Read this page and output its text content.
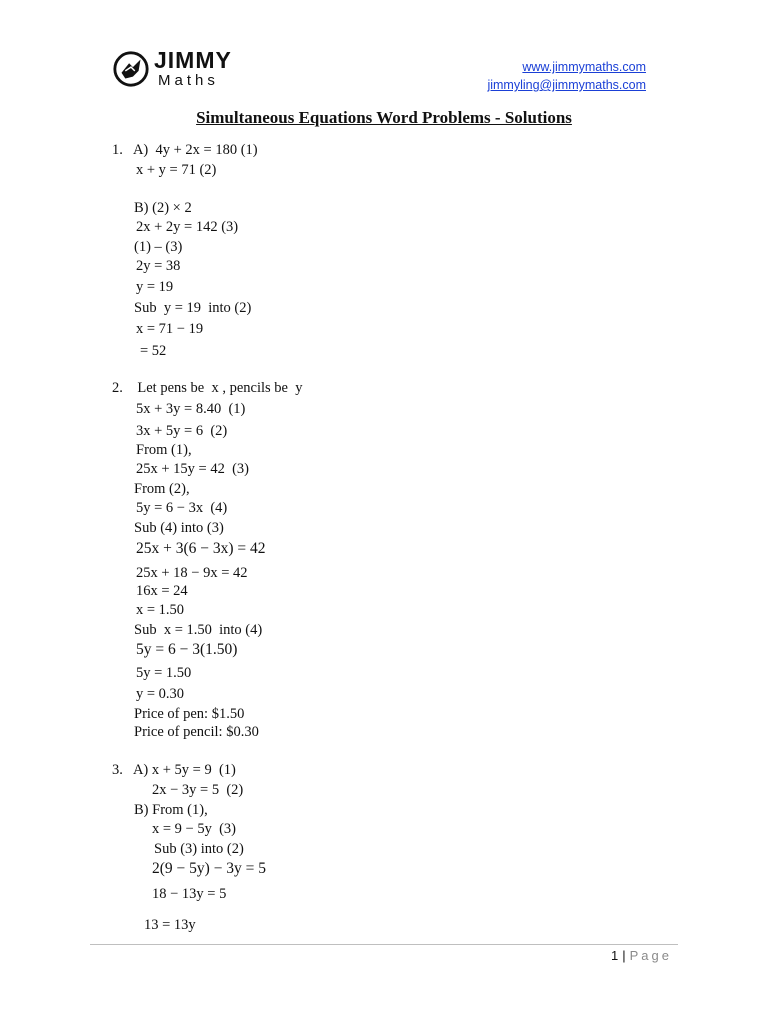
JIMMY
Maths
www.jimmymaths.com
jimmyling@jimmymaths.com
Simultaneous Equations Word Problems - Solutions
1.   A)  4y + 2x = 180 (1)
x + y = 71 (2)
B) (2) × 2
2x + 2y = 142 (3)
(1) – (3)
2y = 38
y = 19
Sub  y = 19  into (2)
x = 71 − 19
= 52
2.    Let pens be  x , pencils be  y
5x + 3y = 8.40  (1)
3x + 5y = 6  (2)
From (1),
25x + 15y = 42  (3)
From (2),
5y = 6 − 3x  (4)
Sub (4) into (3)
25x + 3(6 − 3x) = 42
25x + 18 − 9x = 42
16x = 24
x = 1.50
Sub  x = 1.50  into (4)
5y = 6 − 3(1.50)
5y = 1.50
y = 0.30
Price of pen: $1.50
Price of pencil: $0.30
3.   A) x + 5y = 9  (1)
2x − 3y = 5  (2)
B) From (1),
x = 9 − 5y  (3)
Sub (3) into (2)
2(9 − 5y) − 3y = 5
18 − 13y = 5
13 = 13y
1 | Page
